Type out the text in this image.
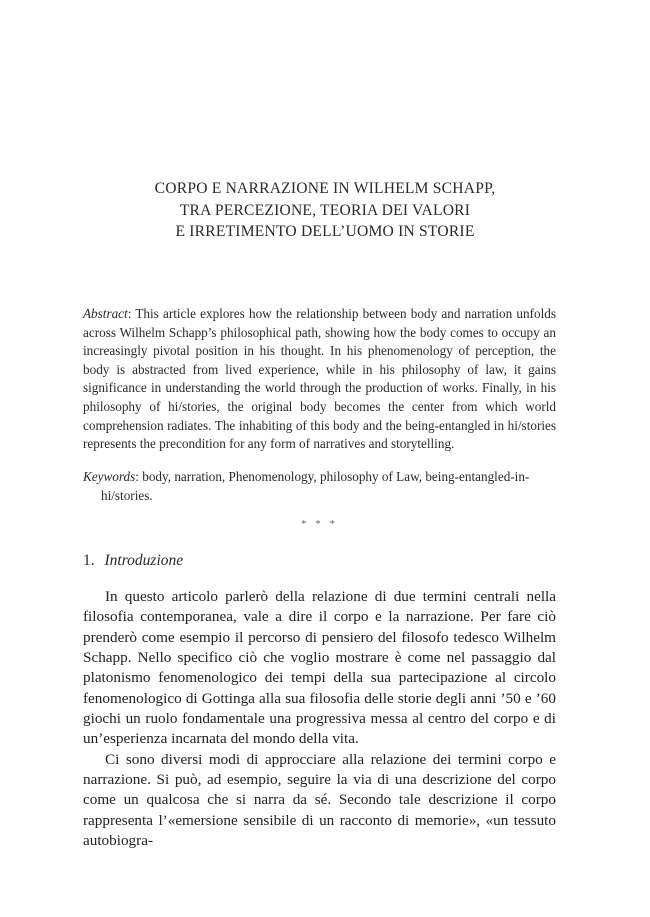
CORPO E NARRAZIONE IN WILHELM SCHAPP,
TRA PERCEZIONE, TEORIA DEI VALORI
E IRRETIMENTO DELL’UOMO IN STORIE
Abstract: This article explores how the relationship between body and narration unfolds across Wilhelm Schapp’s philosophical path, showing how the body comes to occupy an increasingly pivotal position in his thought. In his phenomenology of perception, the body is abstracted from lived experience, while in his philosophy of law, it gains significance in understanding the world through the production of works. Finally, in his philosophy of hi/stories, the original body becomes the center from which world comprehension radiates. The inhabiting of this body and the being-entangled in hi/stories represents the precondition for any form of narratives and storytelling.
Keywords: body, narration, Phenomenology, philosophy of Law, being-entangled-in-hi/stories.
* * *
1. Introduzione

In questo articolo parlerò della relazione di due termini centrali nella filosofia contemporanea, vale a dire il corpo e la narrazione. Per fare ciò prenderò come esempio il percorso di pensiero del filosofo tedesco Wilhelm Schapp. Nello specifico ciò che voglio mostrare è come nel passaggio dal platonismo fenomenologico dei tempi della sua partecipazione al circolo fenomenologico di Gottinga alla sua filosofia delle storie degli anni ’50 e ’60 giochi un ruolo fondamentale una progressiva messa al centro del corpo e di un’esperienza incarnata del mondo della vita.

Ci sono diversi modi di approcciare alla relazione dei termini corpo e narrazione. Si può, ad esempio, seguire la via di una descrizione del corpo come un qualcosa che si narra da sé. Secondo tale descrizione il corpo rappresenta l’«emersione sensibile di un racconto di memorie», «un tessuto autobiogra-
